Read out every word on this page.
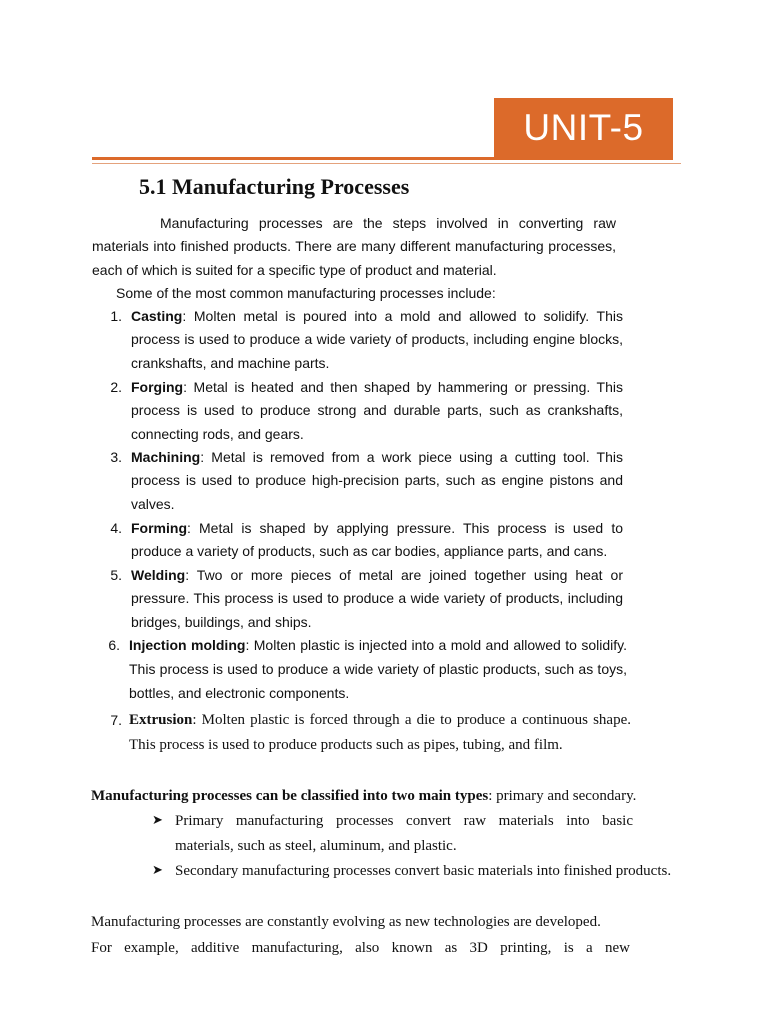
UNIT-5
5.1 Manufacturing Processes

Manufacturing processes are the steps involved in converting raw materials into finished products. There are many different manufacturing processes, each of which is suited for a specific type of product and material.

Some of the most common manufacturing processes include:

1. Casting: Molten metal is poured into a mold and allowed to solidify. This process is used to produce a wide variety of products, including engine blocks, crankshafts, and machine parts.

2. Forging: Metal is heated and then shaped by hammering or pressing. This process is used to produce strong and durable parts, such as crankshafts, connecting rods, and gears.

3. Machining: Metal is removed from a work piece using a cutting tool. This process is used to produce high-precision parts, such as engine pistons and valves.

4. Forming: Metal is shaped by applying pressure. This process is used to produce a variety of products, such as car bodies, appliance parts, and cans.

5. Welding: Two or more pieces of metal are joined together using heat or pressure. This process is used to produce a wide variety of products, including bridges, buildings, and ships.

6. Injection molding: Molten plastic is injected into a mold and allowed to solidify. This process is used to produce a wide variety of plastic products, such as toys, bottles, and electronic components.

7. Extrusion: Molten plastic is forced through a die to produce a continuous shape. This process is used to produce products such as pipes, tubing, and film.

Manufacturing processes can be classified into two main types: primary and secondary.

➤ Primary manufacturing processes convert raw materials into basic materials, such as steel, aluminum, and plastic.

➤ Secondary manufacturing processes convert basic materials into finished products.

Manufacturing processes are constantly evolving as new technologies are developed.
For example, additive manufacturing, also known as 3D printing, is a new
